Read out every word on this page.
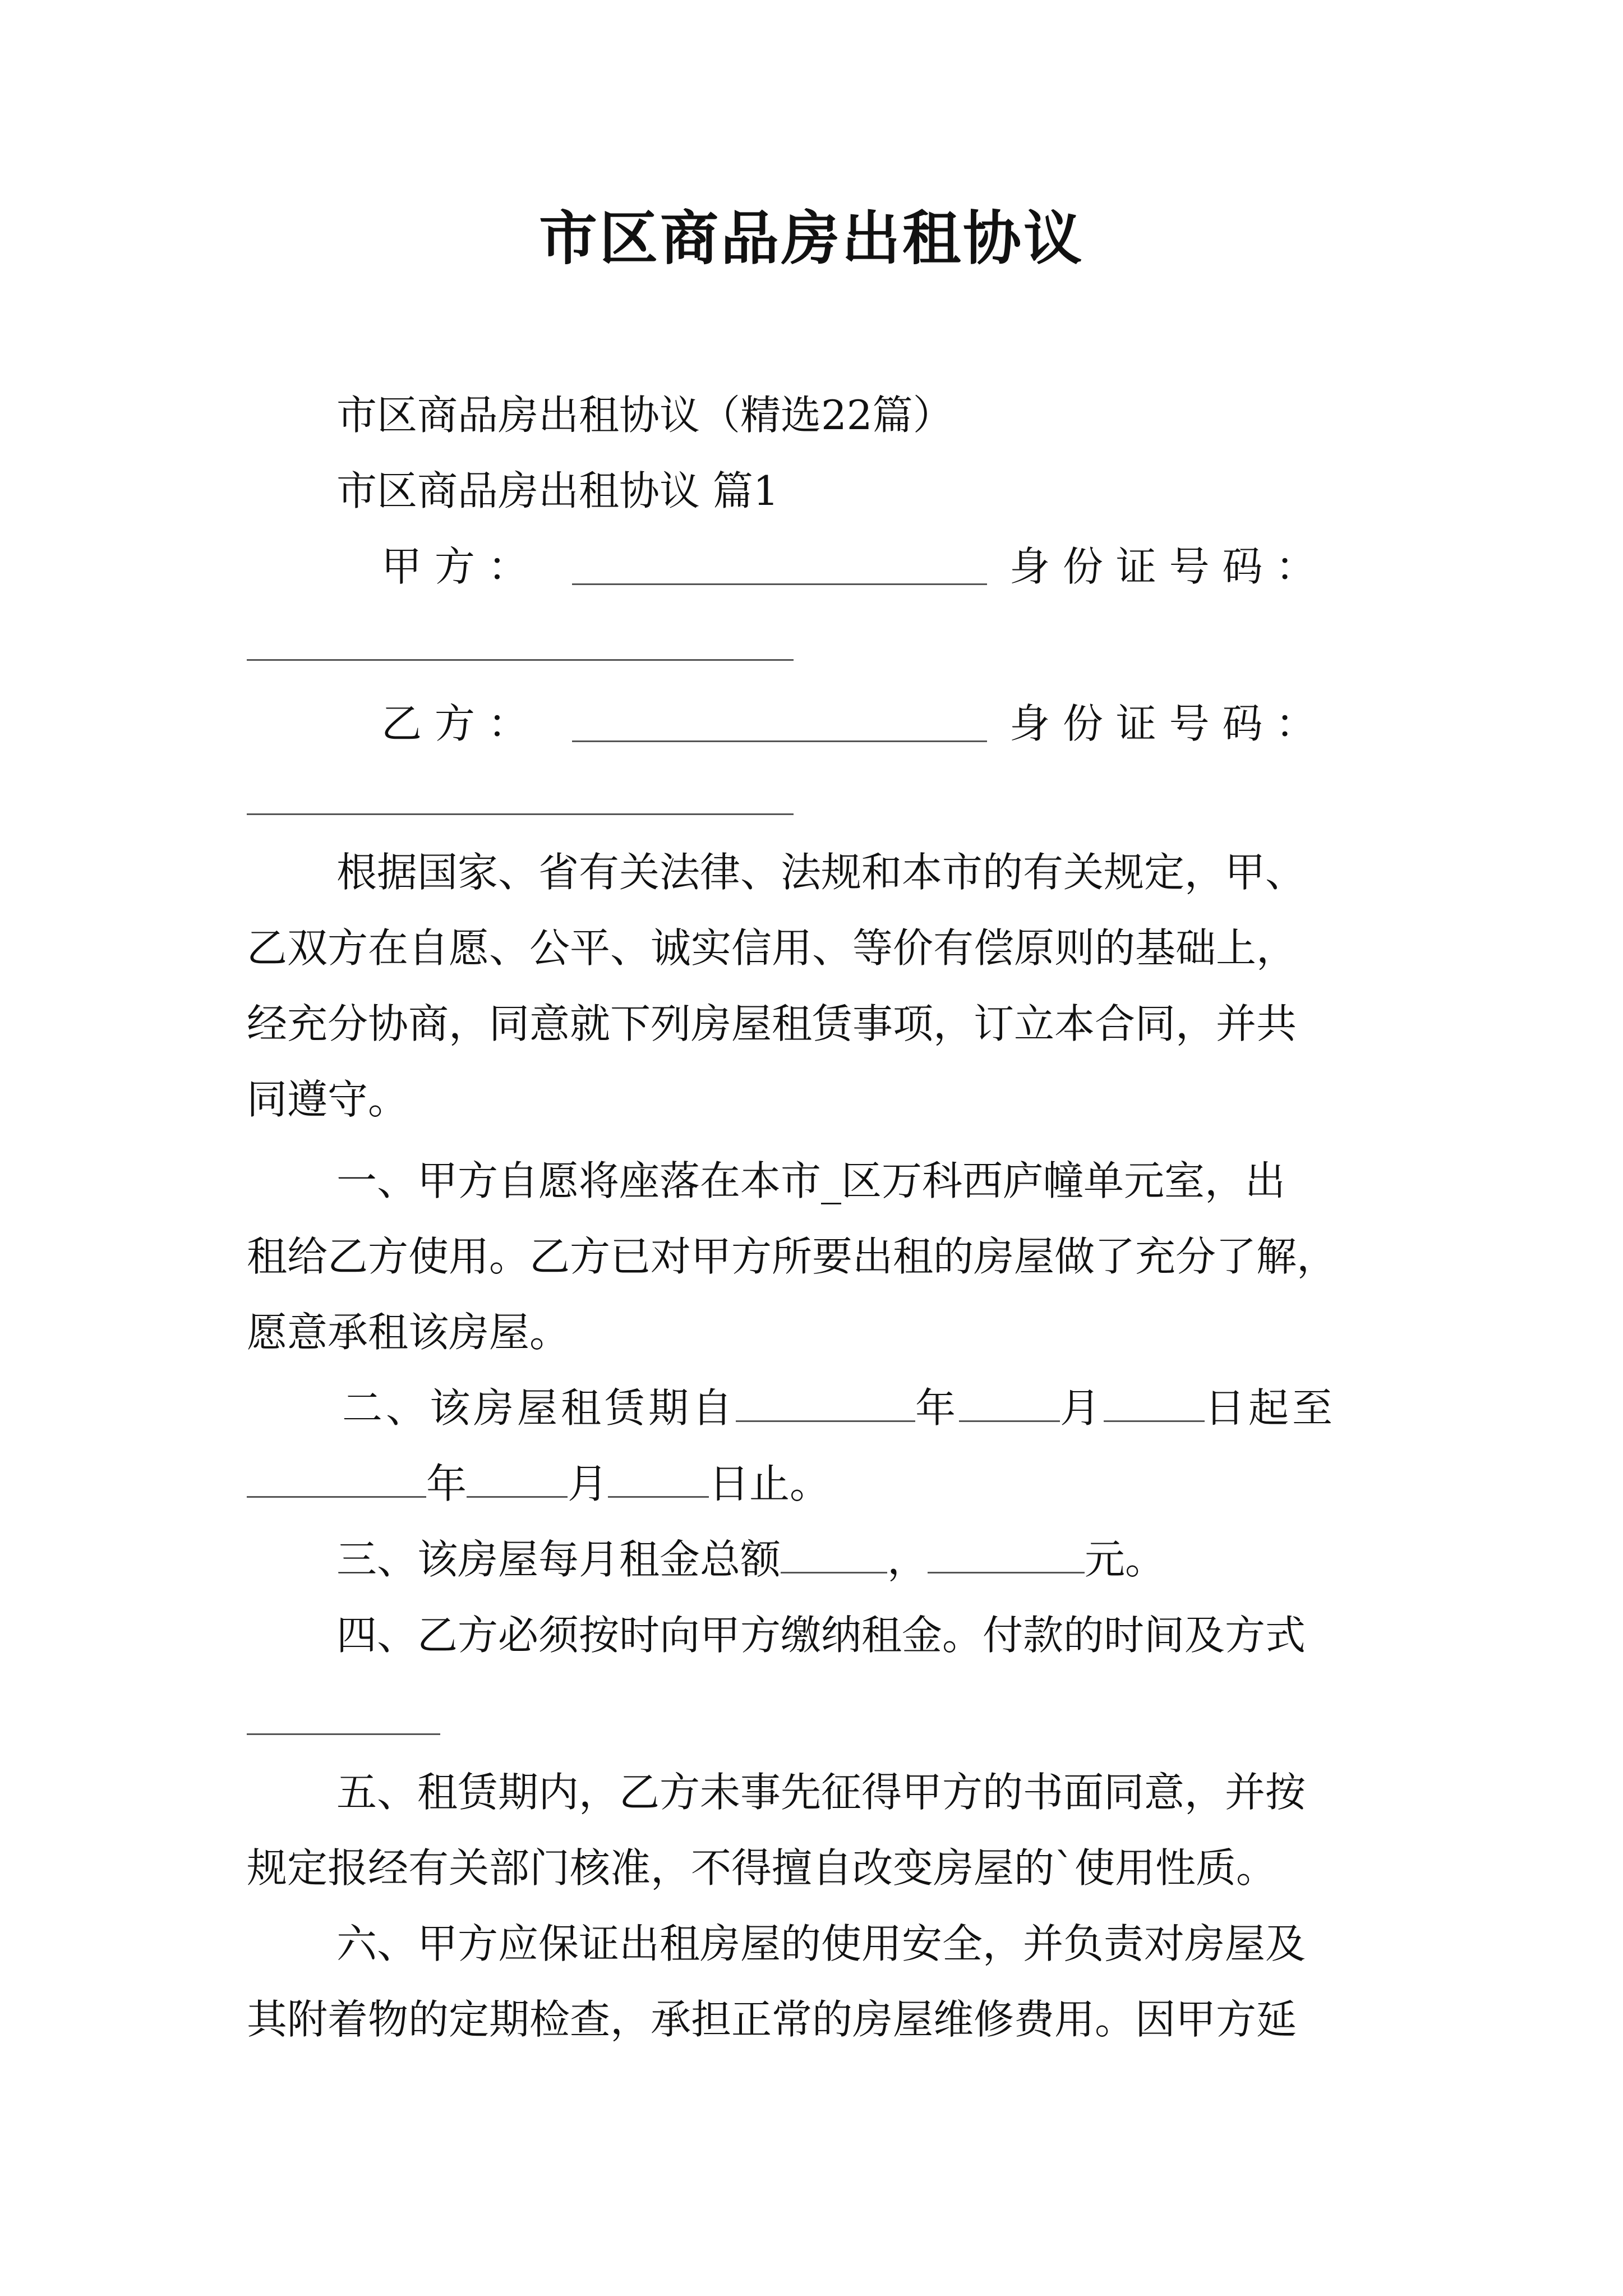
市区商品房出租协议
市区商品房出租协议（精选22篇）
市区商品房出租协议 篇1
甲 方 ：	身 份 证 号 码 ：
乙 方 ：	身 份 证 号 码 ：
根据国家、省有关法律、法规和本市的有关规定，甲、
乙双方在自愿、公平、诚实信用、等价有偿原则的基础上，
经充分协商，同意就下列房屋租赁事项，订立本合同，并共
同遵守。
一、甲方自愿将座落在本市_区万科西庐幢单元室，出
租给乙方使用。乙方已对甲方所要出租的房屋做了充分了解，
愿意承租该房屋。
二、该房屋租赁期自	年	月	日起至
年	月	日止。
三、该房屋每月租金总额	，	元。
四、乙方必须按时向甲方缴纳租金。付款的时间及方式
五、租赁期内，乙方未事先征得甲方的书面同意，并按
规定报经有关部门核准，不得擅自改变房屋的`使用性质。
六、甲方应保证出租房屋的使用安全，并负责对房屋及
其附着物的定期检查，承担正常的房屋维修费用。因甲方延
